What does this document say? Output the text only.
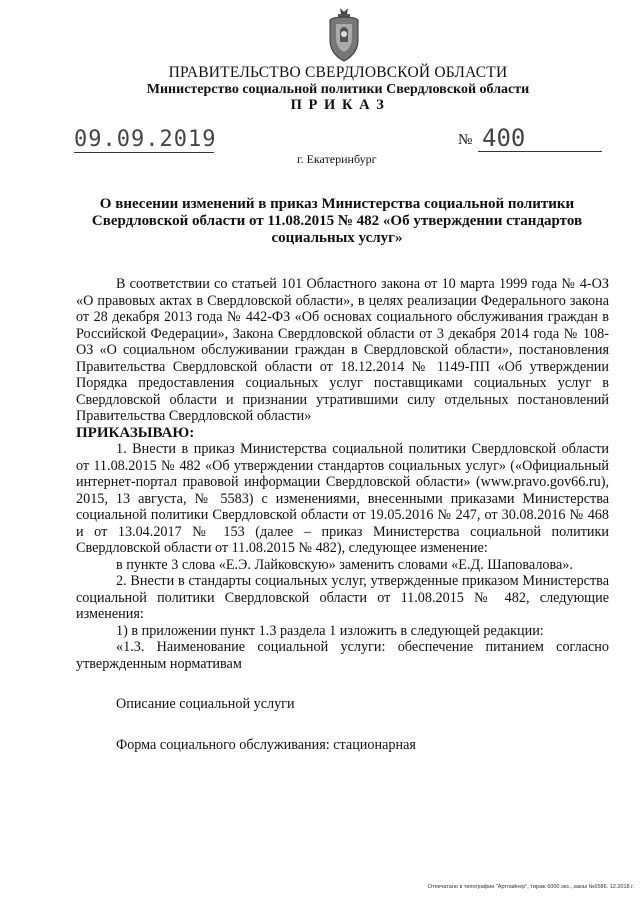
ПРАВИТЕЛЬСТВО СВЕРДЛОВСКОЙ ОБЛАСТИ
Министерство социальной политики Свердловской области
П Р И К А З
09.09.2019	№ 400
г. Екатеринбург
О внесении изменений в приказ Министерства социальной политики Свердловской области от 11.08.2015 № 482 «Об утверждении стандартов социальных услуг»

В соответствии со статьей 101 Областного закона от 10 марта 1999 года № 4-ОЗ «О правовых актах в Свердловской области», в целях реализации Федерального закона от 28 декабря 2013 года № 442-ФЗ «Об основах социального обслуживания граждан в Российской Федерации», Закона Свердловской области от 3 декабря 2014 года № 108-ОЗ «О социальном обслуживании граждан в Свердловской области», постановления Правительства Свердловской области от 18.12.2014 № 1149-ПП «Об утверждении Порядка предоставления социальных услуг поставщиками социальных услуг в Свердловской области и признании утратившими силу отдельных постановлений Правительства Свердловской области»

ПРИКАЗЫВАЮ:

1. Внести в приказ Министерства социальной политики Свердловской области от 11.08.2015 № 482 «Об утверждении стандартов социальных услуг» («Официальный интернет-портал правовой информации Свердловской области» (www.pravo.gov66.ru), 2015, 13 августа, № 5583) с изменениями, внесенными приказами Министерства социальной политики Свердловской области от 19.05.2016 № 247, от 30.08.2016 № 468 и от 13.04.2017 № 153 (далее – приказ Министерства социальной политики Свердловской области от 11.08.2015 № 482), следующее изменение:

в пункте 3 слова «Е.Э. Лайковскую» заменить словами «Е.Д. Шаповалова».

2. Внести в стандарты социальных услуг, утвержденные приказом Министерства социальной политики Свердловской области от 11.08.2015 № 482, следующие изменения:

1) в приложении пункт 1.3 раздела 1 изложить в следующей редакции:

«1.3. Наименование социальной услуги: обеспечение питанием согласно утвержденным нормативам

Описание социальной услуги

Форма социального обслуживания: стационарная

Отпечатано в типографии "Артлайнер", тираж 6000 экз., заказ №6586. 12.2018 г.
